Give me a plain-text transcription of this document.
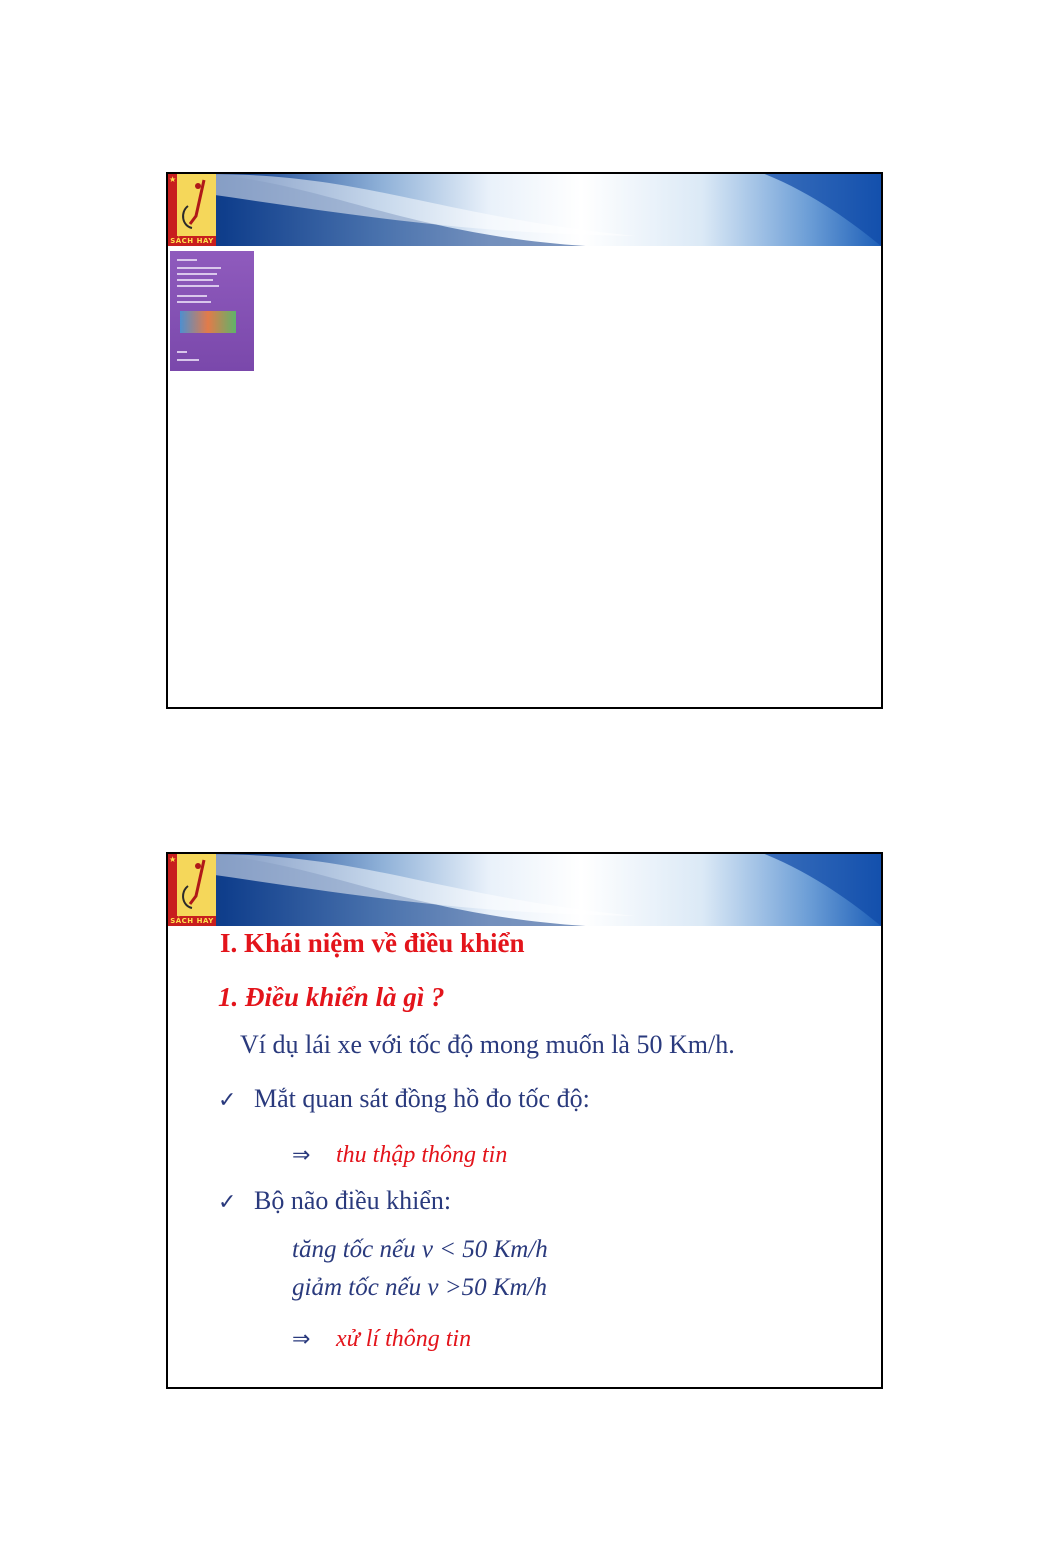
★
SÁCH HAY
★
SÁCH HAY
I. Khái niệm về điều khiển
1. Điều khiển là gì ?
Ví dụ lái xe với tốc độ mong muốn là 50 Km/h.
✓ Mắt quan sát đồng hồ đo tốc độ:
⇒ thu thập thông tin
✓ Bộ não điều khiển:
tăng tốc nếu v < 50 Km/h
giảm tốc nếu v >50 Km/h
⇒ xử lí thông tin
